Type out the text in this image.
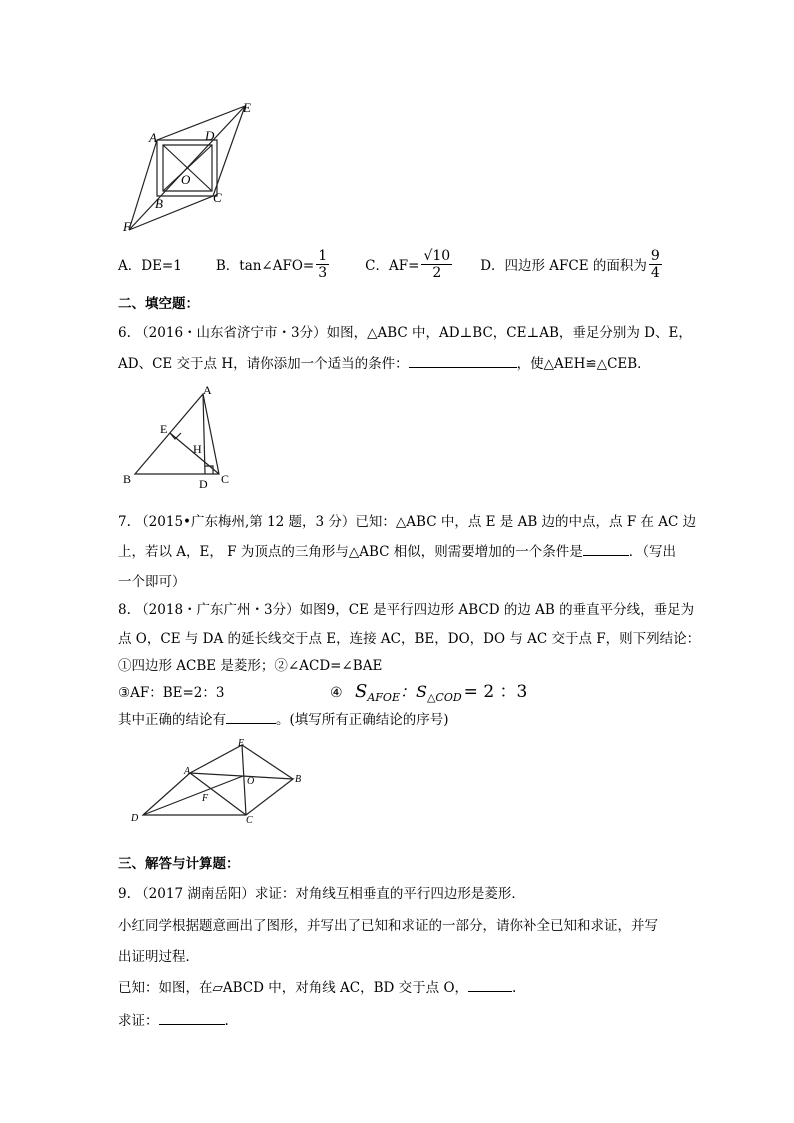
A	D
E
O
B	C
F
A．DE=1	B．tan∠AFO= $\frac{1}{3}$	C．$AF= \frac{√10}{2}$ D．四边形 AFCE 的面积为 $\frac{9}{4}$
二、填空题：
6. （2016・山东省济宁市・3分）如图，△ABC 中，AD⊥BC，CE⊥AB，垂足分别为 D、E，
AD、CE 交于点 H，请你添加一个适当的条件：	，使△AEH≌△CEB．
A
E
H
B	D C
7. （2015•广东梅州,第 12 题，3 分）已知：△ABC 中，点 E 是 AB 边的中点，点 F 在 AC 边
上，若以 A，E， F 为顶点的三角形与△ABC 相似，则需要增加的一个条件是	．（写出
一个即可）
8. （2018・广东广州・3分）如图9，CE 是平行四边形 ABCD 的边 AB 的垂直平分线，垂足为
点 O，CE 与 DA 的延长线交于点 E，连接 AC，BE，DO，DO 与 AC 交于点 F，则下列结论：
①四边形 ACBE 是菱形；②∠ACD=∠BAE
③AF：BE=2：3	④ $S_{AFOE}$：$S_{\triangle COD} = 2$ ：3
其中正确的结论有	。(填写所有正确结论的序号)
E
A
O	B
F
D	C
三、解答与计算题：
9. （2017 湖南岳阳）求证：对角线互相垂直的平行四边形是菱形．
小红同学根据题意画出了图形，并写出了已知和求证的一部分，请你补全已知和求证，并写
出证明过程．
已知：如图，在▱ABCD 中，对角线 AC，BD 交于点 O，	.
求证：	.
